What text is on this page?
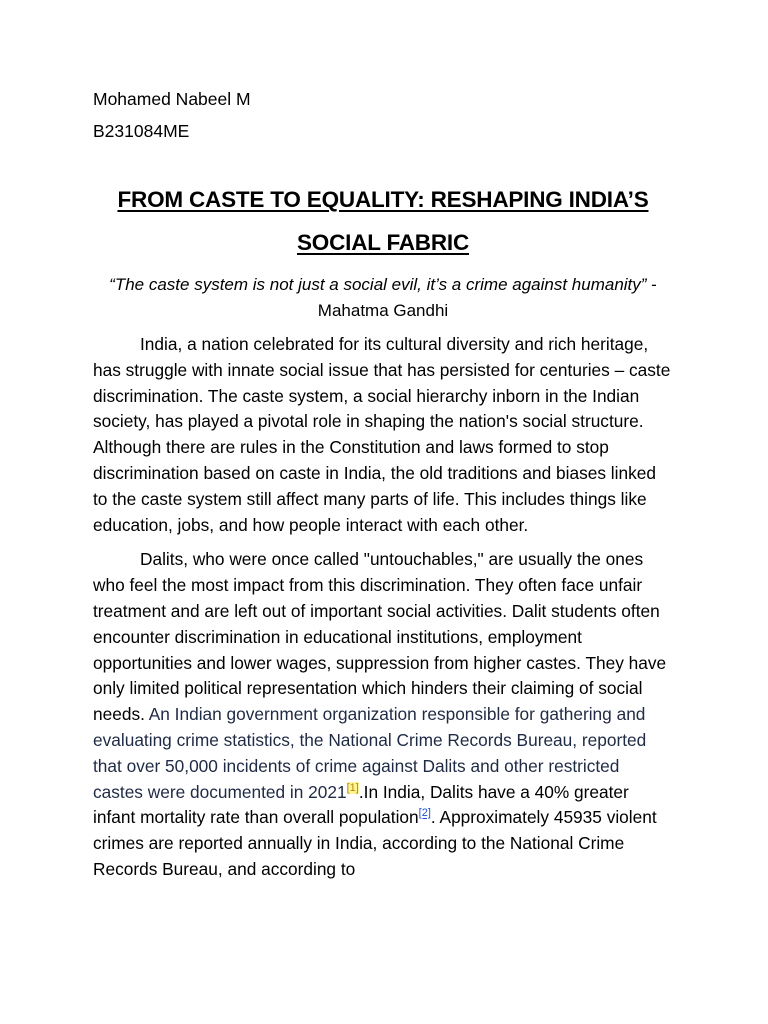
Mohamed Nabeel M

B231084ME

FROM CASTE TO EQUALITY: RESHAPING INDIA’S SOCIAL FABRIC

“The caste system is not just a social evil, it’s a crime against humanity” -Mahatma Gandhi

India, a nation celebrated for its cultural diversity and rich heritage, has struggle with innate social issue that has persisted for centuries – caste discrimination. The caste system, a social hierarchy inborn in the Indian society, has played a pivotal role in shaping the nation's social structure. Although there are rules in the Constitution and laws formed to stop discrimination based on caste in India, the old traditions and biases linked to the caste system still affect many parts of life. This includes things like education, jobs, and how people interact with each other.

Dalits, who were once called "untouchables," are usually the ones who feel the most impact from this discrimination. They often face unfair treatment and are left out of important social activities. Dalit students often encounter discrimination in educational institutions, employment opportunities and lower wages, suppression from higher castes. They have only limited political representation which hinders their claiming of social needs. An Indian government organization responsible for gathering and evaluating crime statistics, the National Crime Records Bureau, reported that over 50,000 incidents of crime against Dalits and other restricted castes were documented in 2021[1].In India, Dalits have a 40% greater infant mortality rate than overall population[2]. Approximately 45935 violent crimes are reported annually in India, according to the National Crime Records Bureau, and according to
